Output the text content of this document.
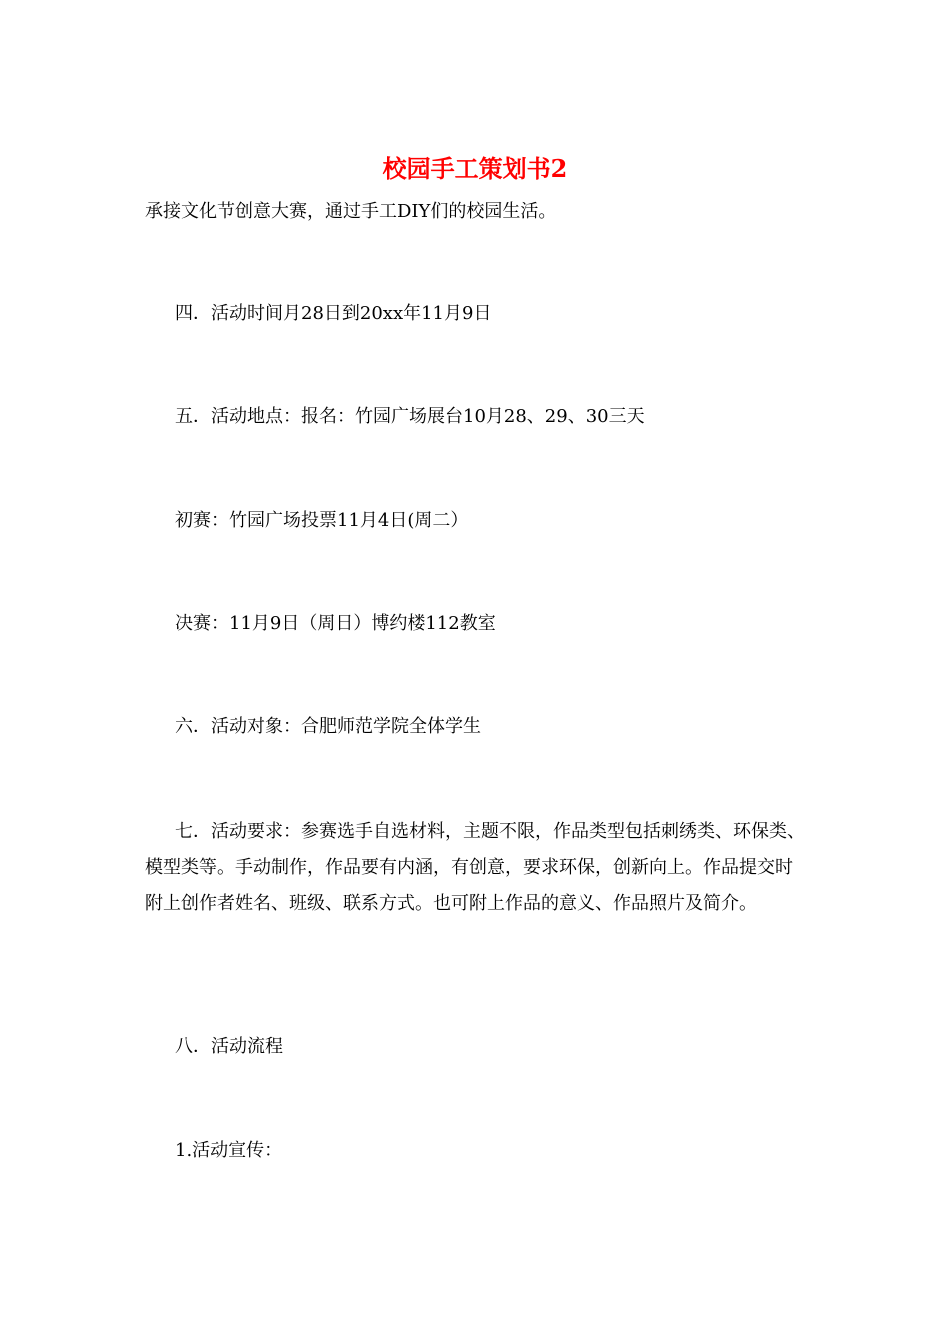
校园手工策划书2

承接文化节创意大赛，通过手工DIY们的校园生活。

四．活动时间月28日到20xx年11月9日

五．活动地点：报名：竹园广场展台10月28、29、30三天

初赛：竹园广场投票11月4日(周二）

决赛：11月9日（周日）博约楼112教室

六．活动对象：合肥师范学院全体学生

七．活动要求：参赛选手自选材料，主题不限，作品类型包括刺绣类、环保类、模型类等。手动制作，作品要有内涵，有创意，要求环保，创新向上。作品提交时附上创作者姓名、班级、联系方式。也可附上作品的意义、作品照片及简介。

八．活动流程

1.活动宣传：
